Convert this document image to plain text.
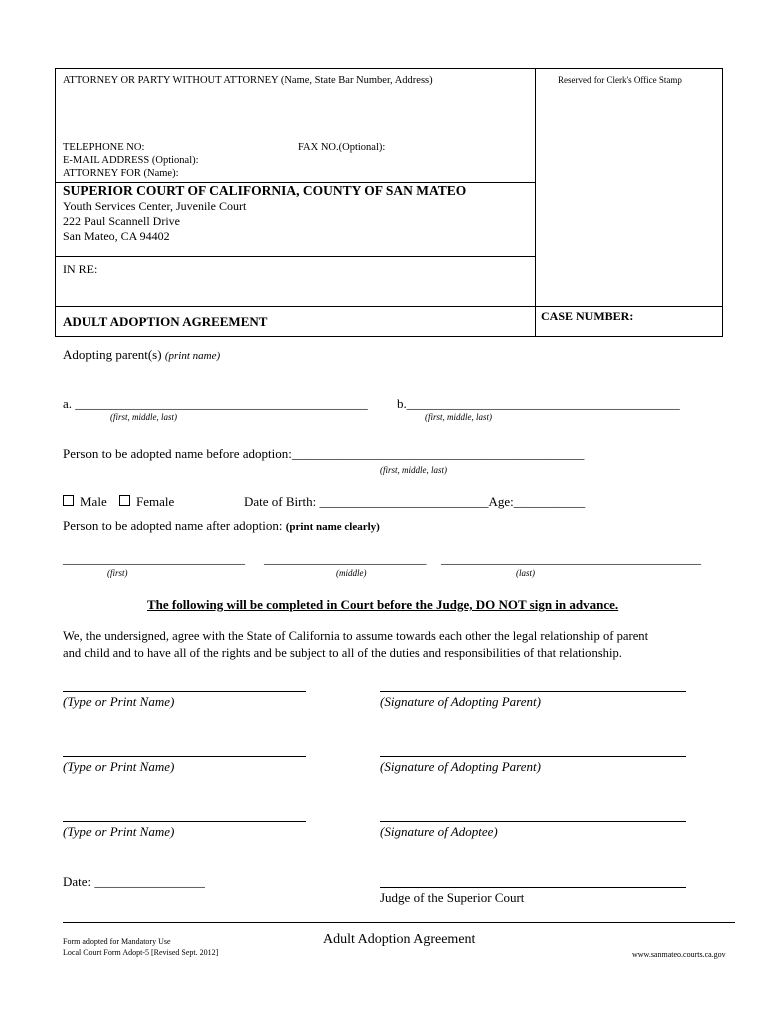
ATTORNEY OR PARTY WITHOUT ATTORNEY (Name, State Bar Number, Address)	Reserved for Clerk's Office Stamp
TELEPHONE NO:	FAX NO.(Optional):
E-MAIL ADDRESS (Optional):
ATTORNEY FOR (Name):
SUPERIOR COURT OF CALIFORNIA, COUNTY OF SAN MATEO
Youth Services Center, Juvenile Court
222 Paul Scannell Drive
San Mateo, CA 94402
IN RE:
ADULT ADOPTION AGREEMENT	CASE NUMBER:
Adopting parent(s) (print name)
a. _____________________________________________ b.__________________________________________
(first, middle, last)	(first, middle, last)
Person to be adopted name before adoption:_____________________________________________
(first, middle, last)
Male	Female	Date of Birth: __________________________Age:___________
Person to be adopted name after adoption: (print name clearly)
____________________________ _________________________ ________________________________________
(first)	(middle)	(last)
The following will be completed in Court before the Judge, DO NOT sign in advance.
We, the undersigned, agree with the State of California to assume towards each other the legal relationship of parent
and child and to have all of the rights and be subject to all of the duties and responsibilities of that relationship.
(Type or Print Name)	(Signature of Adopting Parent)
(Type or Print Name)	(Signature of Adopting Parent)
(Type or Print Name)	(Signature of Adoptee)
Date: _________________
Judge of the Superior Court
Form adopted for Mandatory Use
Local Court Form Adopt-5 [Revised Sept. 2012]
Adult Adoption Agreement
www.sanmateo.courts.ca.gov
